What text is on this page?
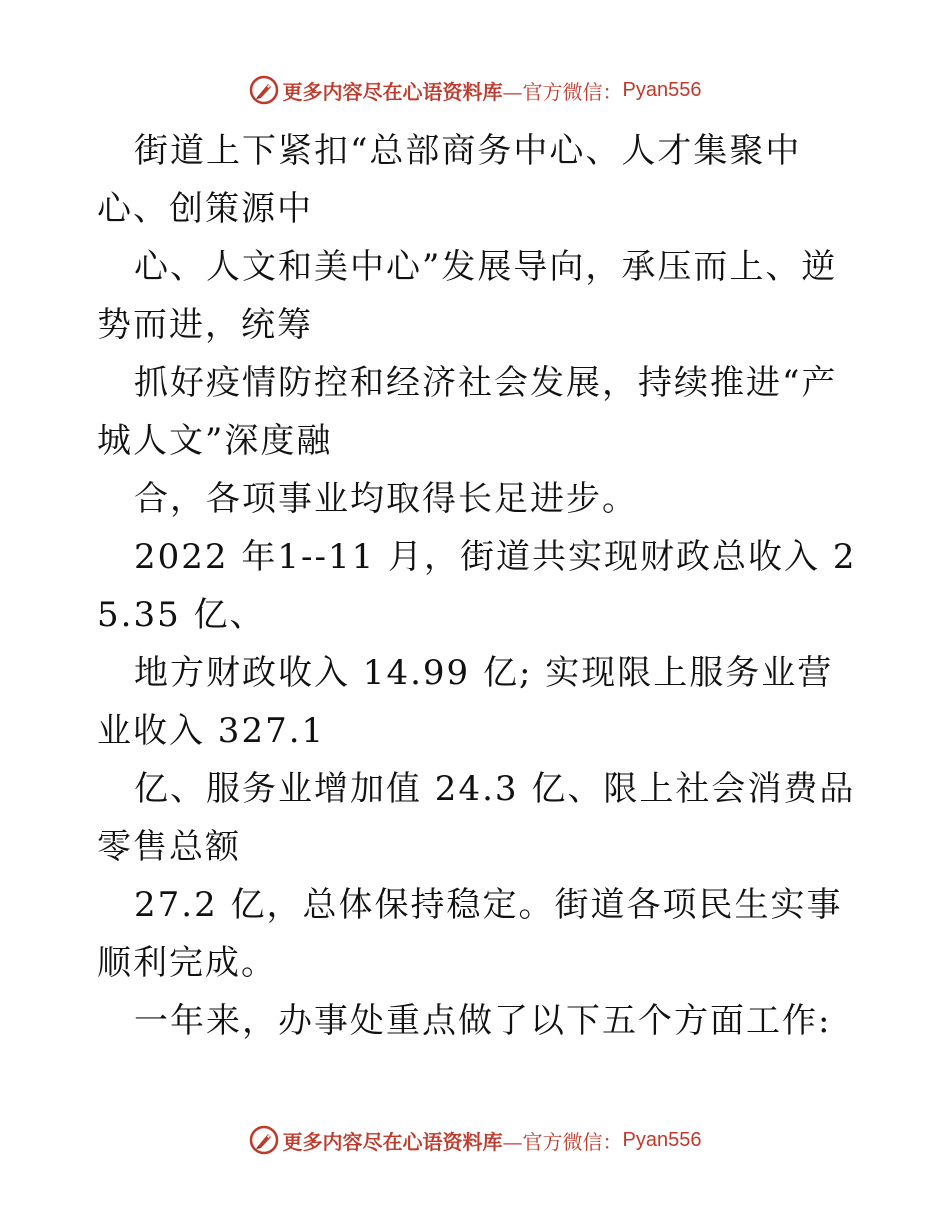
更多内容尽在心语资料库 —官方微信： Pyan556

街道上下紧扣“总部商务中心、人才集聚中心、创策源中

心、人文和美中心”发展导向，承压而上、逆势而进，统筹

抓好疫情防控和经济社会发展，持续推进“产城人文”深度融

合，各项事业均取得长足进步。

2022 年1--11 月，街道共实现财政总收入 25.35 亿、

地方财政收入 14.99 亿; 实现限上服务业营业收入 327.1

亿、服务业增加值 24.3 亿、限上社会消费品零售总额

27.2 亿，总体保持稳定。街道各项民生实事顺利完成。

一年来，办事处重点做了以下五个方面工作:

更多内容尽在心语资料库 —官方微信： Pyan556
